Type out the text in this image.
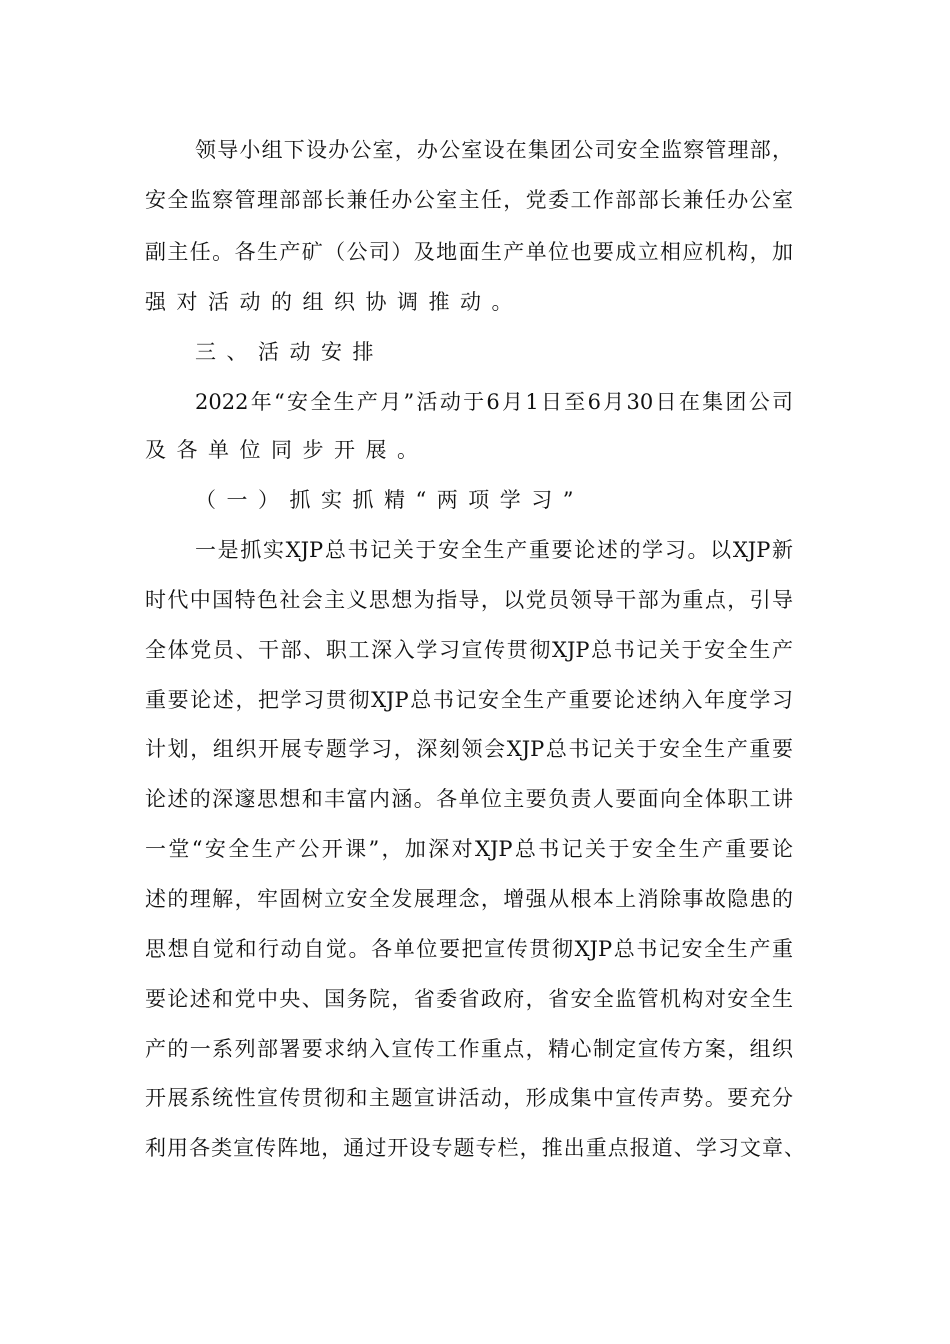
领导小组下设办公室，办公室设在集团公司安全监察管理部，
安全监察管理部部长兼任办公室主任，党委工作部部长兼任办公室
副主任。各生产矿（公司）及地面生产单位也要成立相应机构，加
强对活动的组织协调推动。
三、活动安排
2022年“安全生产月”活动于6月1日至6月30日在集团公司
及各单位同步开展。
（一）抓实抓精“两项学习”
一是抓实XJP总书记关于安全生产重要论述的学习。以XJP新
时代中国特色社会主义思想为指导，以党员领导干部为重点，引导
全体党员、干部、职工深入学习宣传贯彻XJP总书记关于安全生产
重要论述，把学习贯彻XJP总书记安全生产重要论述纳入年度学习
计划，组织开展专题学习，深刻领会XJP总书记关于安全生产重要
论述的深邃思想和丰富内涵。各单位主要负责人要面向全体职工讲
一堂“安全生产公开课”，加深对XJP总书记关于安全生产重要论
述的理解，牢固树立安全发展理念，增强从根本上消除事故隐患的
思想自觉和行动自觉。各单位要把宣传贯彻XJP总书记安全生产重
要论述和党中央、国务院，省委省政府，省安全监管机构对安全生
产的一系列部署要求纳入宣传工作重点，精心制定宣传方案，组织
开展系统性宣传贯彻和主题宣讲活动，形成集中宣传声势。要充分
利用各类宣传阵地，通过开设专题专栏，推出重点报道、学习文章、
